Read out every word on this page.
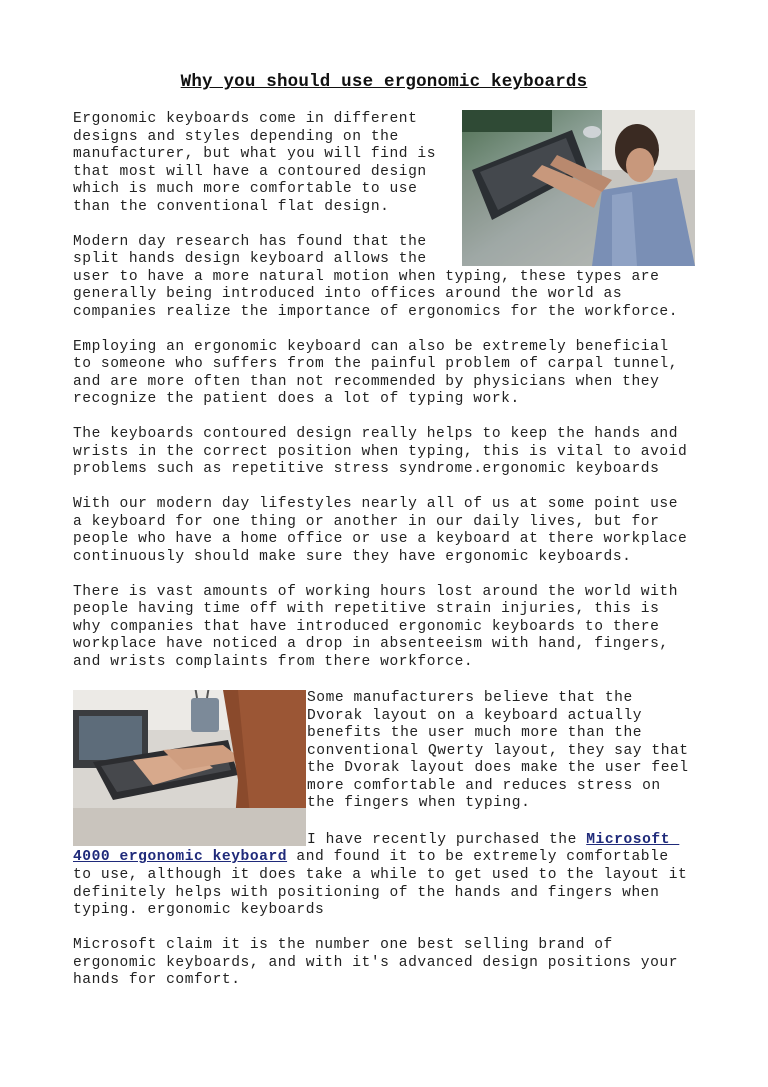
Why you should use ergonomic keyboards
Ergonomic keyboards come in different
designs and styles depending on the
manufacturer, but what you will find is
that most will have a contoured design
which is much more comfortable to use
than the conventional flat design.
Modern day research has found that the
split hands design keyboard allows the
user to have a more natural motion when typing, these types are
generally being introduced into offices around the world as
companies realize the importance of ergonomics for the workforce.
Employing an ergonomic keyboard can also be extremely beneficial
to someone who suffers from the painful problem of carpal tunnel,
and are more often than not recommended by physicians when they
recognize the patient does a lot of typing work.
The keyboards contoured design really helps to keep the hands and
wrists in the correct position when typing, this is vital to avoid
problems such as repetitive stress syndrome.ergonomic keyboards
With our modern day lifestyles nearly all of us at some point use
a keyboard for one thing or another in our daily lives, but for
people who have a home office or use a keyboard at there workplace
continuously should make sure they have ergonomic keyboards.
There is vast amounts of working hours lost around the world with
people having time off with repetitive strain injuries, this is
why companies that have introduced ergonomic keyboards to there
workplace have noticed a drop in absenteeism with hand, fingers,
and wrists complaints from there workforce.
Some manufacturers believe that the
Dvorak layout on a keyboard actually
benefits the user much more than the
conventional Qwerty layout, they say that
the Dvorak layout does make the user feel
more comfortable and reduces stress on
the fingers when typing.
I have recently purchased the Microsoft
4000 ergonomic keyboard and found it to be extremely comfortable
to use, although it does take a while to get used to the layout it
definitely helps with positioning of the hands and fingers when
typing. ergonomic keyboards
Microsoft claim it is the number one best selling brand of
ergonomic keyboards, and with it's advanced design positions your
hands for comfort.
